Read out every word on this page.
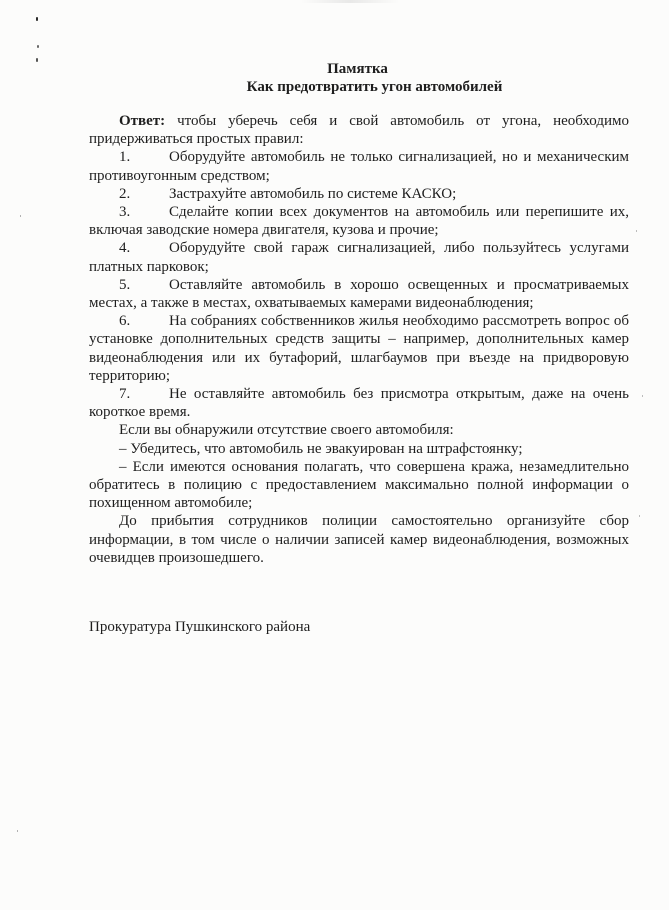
Памятка
Как предотвратить угон автомобилей

Ответ: чтобы уберечь себя и свой автомобиль от угона, необходимо придерживаться простых правил:

1.	Оборудуйте автомобиль не только сигнализацией, но и механическим противоугонным средством;

2.	Застрахуйте автомобиль по системе КАСКО;

3.	Сделайте копии всех документов на автомобиль или перепишите их, включая заводские номера двигателя, кузова и прочие;

4.	Оборудуйте свой гараж сигнализацией, либо пользуйтесь услугами платных парковок;

5.	Оставляйте автомобиль в хорошо освещенных и просматриваемых местах, а также в местах, охватываемых камерами видеонаблюдения;

6.	На собраниях собственников жилья необходимо рассмотреть вопрос об установке дополнительных средств защиты – например, дополнительных камер видеонаблюдения или их бутафорий, шлагбаумов при въезде на придворовую территорию;

7.	Не оставляйте автомобиль без присмотра открытым, даже на очень короткое время.

Если вы обнаружили отсутствие своего автомобиля:

– Убедитесь, что автомобиль не эвакуирован на штрафстоянку;

– Если имеются основания полагать, что совершена кража, незамедлительно обратитесь в полицию с предоставлением максимально полной информации о похищенном автомобиле;

До прибытия сотрудников полиции самостоятельно организуйте сбор информации, в том числе о наличии записей камер видеонаблюдения, возможных очевидцев произошедшего.

Прокуратура Пушкинского района
